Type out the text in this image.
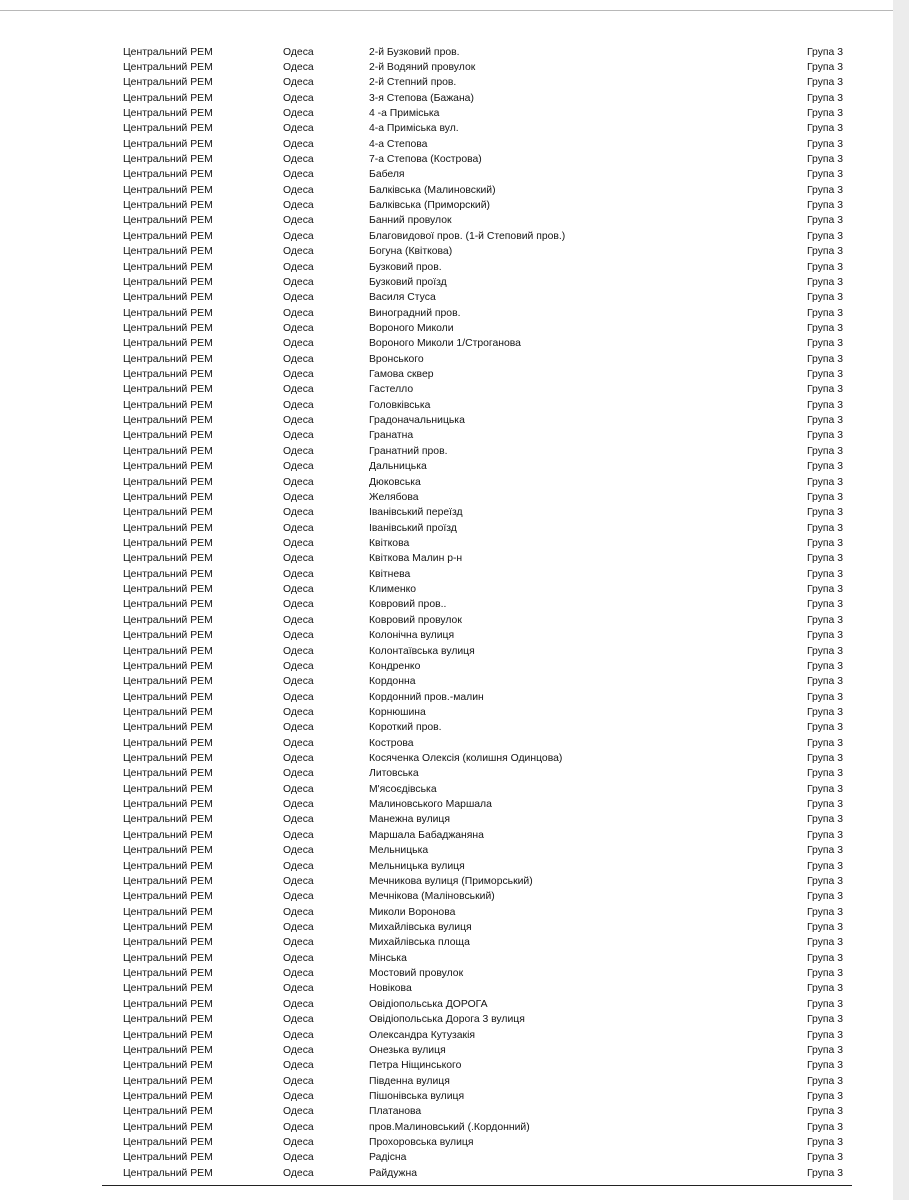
Центральний РЕМ	Одеса	2-й Бузковий пров.	Група 3
Центральний РЕМ	Одеса	2-й Водяний провулок	Група 3
Центральний РЕМ	Одеса	2-й Степний пров.	Група 3
Центральний РЕМ	Одеса	3-я Степова (Бажана)	Група 3
Центральний РЕМ	Одеса	4 -а Приміська	Група 3
Центральний РЕМ	Одеса	4-а Приміська вул.	Група 3
Центральний РЕМ	Одеса	4-а Степова	Група 3
Центральний РЕМ	Одеса	7-а Степова (Кострова)	Група 3
Центральний РЕМ	Одеса	Бабеля	Група 3
Центральний РЕМ	Одеса	Балківська (Малиновский)	Група 3
Центральний РЕМ	Одеса	Балківська (Приморский)	Група 3
Центральний РЕМ	Одеса	Банний провулок	Група 3
Центральний РЕМ	Одеса	Благовидової пров. (1-й Степовий пров.)	Група 3
Центральний РЕМ	Одеса	Богуна (Квіткова)	Група 3
Центральний РЕМ	Одеса	Бузковий пров.	Група 3
Центральний РЕМ	Одеса	Бузковий проїзд	Група 3
Центральний РЕМ	Одеса	Василя Стуса	Група 3
Центральний РЕМ	Одеса	Виноградний пров.	Група 3
Центральний РЕМ	Одеса	Вороного Миколи	Група 3
Центральний РЕМ	Одеса	Вороного Миколи 1/Строганова	Група 3
Центральний РЕМ	Одеса	Вронського	Група 3
Центральний РЕМ	Одеса	Гамова сквер	Група 3
Центральний РЕМ	Одеса	Гастелло	Група 3
Центральний РЕМ	Одеса	Головківська	Група 3
Центральний РЕМ	Одеса	Градоначальницька	Група 3
Центральний РЕМ	Одеса	Гранатна	Група 3
Центральний РЕМ	Одеса	Гранатний пров.	Група 3
Центральний РЕМ	Одеса	Дальницька	Група 3
Центральний РЕМ	Одеса	Дюковська	Група 3
Центральний РЕМ	Одеса	Желябова	Група 3
Центральний РЕМ	Одеса	Іванівський переїзд	Група 3
Центральний РЕМ	Одеса	Іванівський проїзд	Група 3
Центральний РЕМ	Одеса	Квіткова	Група 3
Центральний РЕМ	Одеса	Квіткова Малин р-н	Група 3
Центральний РЕМ	Одеса	Квітнева	Група 3
Центральний РЕМ	Одеса	Клименко	Група 3
Центральний РЕМ	Одеса	Ковровий пров..	Група 3
Центральний РЕМ	Одеса	Ковровий провулок	Група 3
Центральний РЕМ	Одеса	Колонічна вулиця	Група 3
Центральний РЕМ	Одеса	Колонтаївська вулиця	Група 3
Центральний РЕМ	Одеса	Кондренко	Група 3
Центральний РЕМ	Одеса	Кордонна	Група 3
Центральний РЕМ	Одеса	Кордонний пров.-малин	Група 3
Центральний РЕМ	Одеса	Корнюшина	Група 3
Центральний РЕМ	Одеса	Короткий пров.	Група 3
Центральний РЕМ	Одеса	Кострова	Група 3
Центральний РЕМ	Одеса	Косяченка Олексія (колишня Одинцова)	Група 3
Центральний РЕМ	Одеса	Литовська	Група 3
Центральний РЕМ	Одеса	М'ясоєдівська	Група 3
Центральний РЕМ	Одеса	Малиновського Маршала	Група 3
Центральний РЕМ	Одеса	Манежна вулиця	Група 3
Центральний РЕМ	Одеса	Маршала Бабаджаняна	Група 3
Центральний РЕМ	Одеса	Мельницька	Група 3
Центральний РЕМ	Одеса	Мельницька вулиця	Група 3
Центральний РЕМ	Одеса	Мечникова вулиця (Приморський)	Група 3
Центральний РЕМ	Одеса	Мечнікова (Маліновський)	Група 3
Центральний РЕМ	Одеса	Миколи Воронова	Група 3
Центральний РЕМ	Одеса	Михайлівська вулиця	Група 3
Центральний РЕМ	Одеса	Михайлівська площа	Група 3
Центральний РЕМ	Одеса	Мінська	Група 3
Центральний РЕМ	Одеса	Мостовий провулок	Група 3
Центральний РЕМ	Одеса	Новікова	Група 3
Центральний РЕМ	Одеса	Овідіопольська ДОРОГА	Група 3
Центральний РЕМ	Одеса	Овідіопольська Дорога 3 вулиця	Група 3
Центральний РЕМ	Одеса	Олександра Кутузакія	Група 3
Центральний РЕМ	Одеса	Онезька вулиця	Група 3
Центральний РЕМ	Одеса	Петра Ніщинського	Група 3
Центральний РЕМ	Одеса	Південна вулиця	Група 3
Центральний РЕМ	Одеса	Пішонівська вулиця	Група 3
Центральний РЕМ	Одеса	Платанова	Група 3
Центральний РЕМ	Одеса	пров.Малиновський (.Кордонний)	Група 3
Центральний РЕМ	Одеса	Прохоровська вулиця	Група 3
Центральний РЕМ	Одеса	Радісна	Група 3
Центральний РЕМ	Одеса	Райдужна	Група 3
